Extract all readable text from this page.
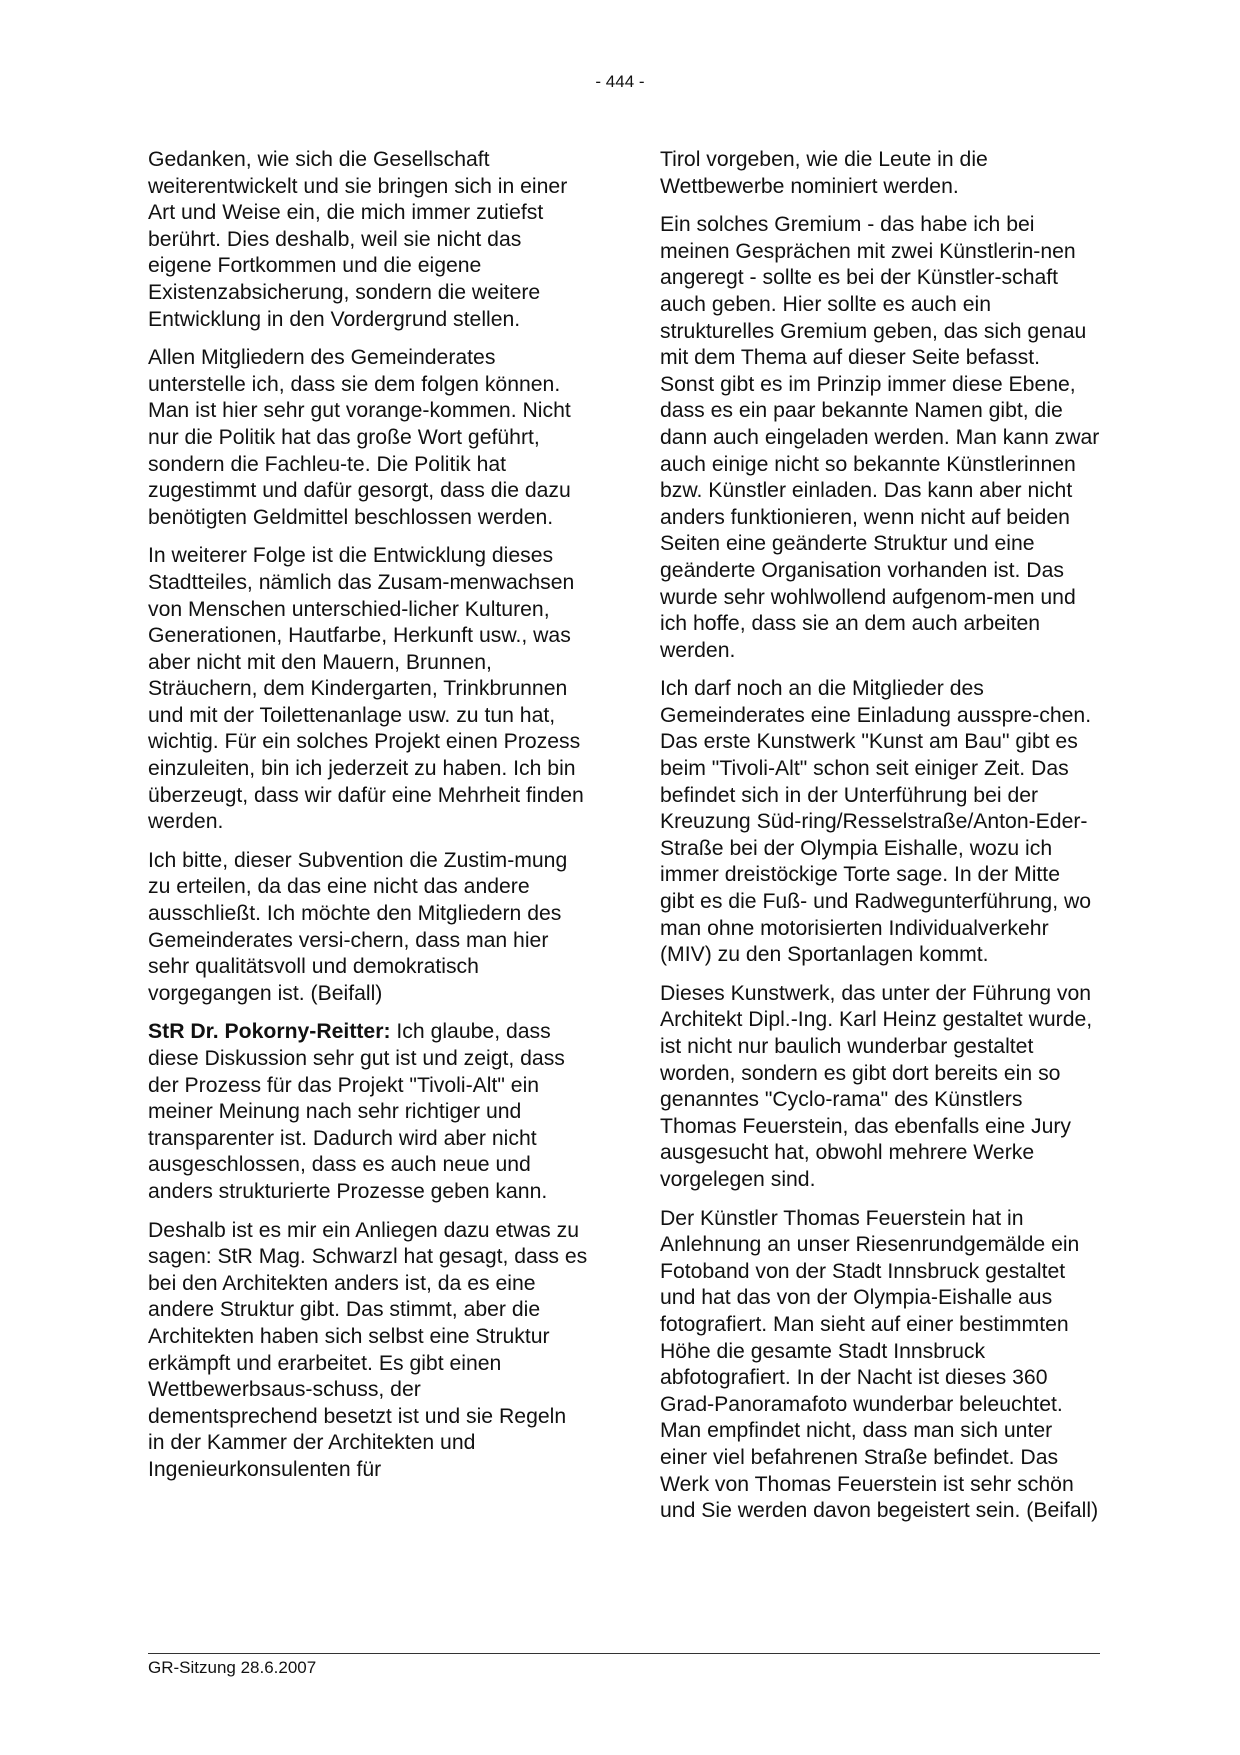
- 444 -

Gedanken, wie sich die Gesellschaft weiterentwickelt und sie bringen sich in einer Art und Weise ein, die mich immer zutiefst berührt. Dies deshalb, weil sie nicht das eigene Fortkommen und die eigene Existenzabsicherung, sondern die weitere Entwicklung in den Vordergrund stellen.

Allen Mitgliedern des Gemeinderates unterstelle ich, dass sie dem folgen können. Man ist hier sehr gut vorange-kommen. Nicht nur die Politik hat das große Wort geführt, sondern die Fachleu-te. Die Politik hat zugestimmt und dafür gesorgt, dass die dazu benötigten Geldmittel beschlossen werden.

In weiterer Folge ist die Entwicklung dieses Stadtteiles, nämlich das Zusam-menwachsen von Menschen unterschied-licher Kulturen, Generationen, Hautfarbe, Herkunft usw., was aber nicht mit den Mauern, Brunnen, Sträuchern, dem Kindergarten, Trinkbrunnen und mit der Toilettenanlage usw. zu tun hat, wichtig. Für ein solches Projekt einen Prozess einzuleiten, bin ich jederzeit zu haben. Ich bin überzeugt, dass wir dafür eine Mehrheit finden werden.

Ich bitte, dieser Subvention die Zustim-mung zu erteilen, da das eine nicht das andere ausschließt. Ich möchte den Mitgliedern des Gemeinderates versi-chern, dass man hier sehr qualitätsvoll und demokratisch vorgegangen ist. (Beifall)

StR Dr. Pokorny-Reitter: Ich glaube, dass diese Diskussion sehr gut ist und zeigt, dass der Prozess für das Projekt "Tivoli-Alt" ein meiner Meinung nach sehr richtiger und transparenter ist. Dadurch wird aber nicht ausgeschlossen, dass es auch neue und anders strukturierte Prozesse geben kann.

Deshalb ist es mir ein Anliegen dazu etwas zu sagen: StR Mag. Schwarzl hat gesagt, dass es bei den Architekten anders ist, da es eine andere Struktur gibt. Das stimmt, aber die Architekten haben sich selbst eine Struktur erkämpft und erarbeitet. Es gibt einen Wettbewerbsaus-schuss, der dementsprechend besetzt ist und sie Regeln in der Kammer der Architekten und Ingenieurkonsulenten für

Tirol vorgeben, wie die Leute in die Wettbewerbe nominiert werden.

Ein solches Gremium - das habe ich bei meinen Gesprächen mit zwei Künstlerin-nen angeregt - sollte es bei der Künstler-schaft auch geben. Hier sollte es auch ein strukturelles Gremium geben, das sich genau mit dem Thema auf dieser Seite befasst. Sonst gibt es im Prinzip immer diese Ebene, dass es ein paar bekannte Namen gibt, die dann auch eingeladen werden. Man kann zwar auch einige nicht so bekannte Künstlerinnen bzw. Künstler einladen. Das kann aber nicht anders funktionieren, wenn nicht auf beiden Seiten eine geänderte Struktur und eine geänderte Organisation vorhanden ist. Das wurde sehr wohlwollend aufgenom-men und ich hoffe, dass sie an dem auch arbeiten werden.

Ich darf noch an die Mitglieder des Gemeinderates eine Einladung ausspre-chen. Das erste Kunstwerk "Kunst am Bau" gibt es beim "Tivoli-Alt" schon seit einiger Zeit. Das befindet sich in der Unterführung bei der Kreuzung Süd-ring/Resselstraße/Anton-Eder-Straße bei der Olympia Eishalle, wozu ich immer dreistöckige Torte sage. In der Mitte gibt es die Fuß- und Radwegunterführung, wo man ohne motorisierten Individualverkehr (MIV) zu den Sportanlagen kommt.

Dieses Kunstwerk, das unter der Führung von Architekt Dipl.-Ing. Karl Heinz gestaltet wurde, ist nicht nur baulich wunderbar gestaltet worden, sondern es gibt dort bereits ein so genanntes "Cyclo-rama" des Künstlers Thomas Feuerstein, das ebenfalls eine Jury ausgesucht hat, obwohl mehrere Werke vorgelegen sind.

Der Künstler Thomas Feuerstein hat in Anlehnung an unser Riesenrundgemälde ein Fotoband von der Stadt Innsbruck gestaltet und hat das von der Olympia-Eishalle aus fotografiert. Man sieht auf einer bestimmten Höhe die gesamte Stadt Innsbruck abfotografiert. In der Nacht ist dieses 360 Grad-Panoramafoto wunderbar beleuchtet. Man empfindet nicht, dass man sich unter einer viel befahrenen Straße befindet. Das Werk von Thomas Feuerstein ist sehr schön und Sie werden davon begeistert sein. (Beifall)

GR-Sitzung 28.6.2007
